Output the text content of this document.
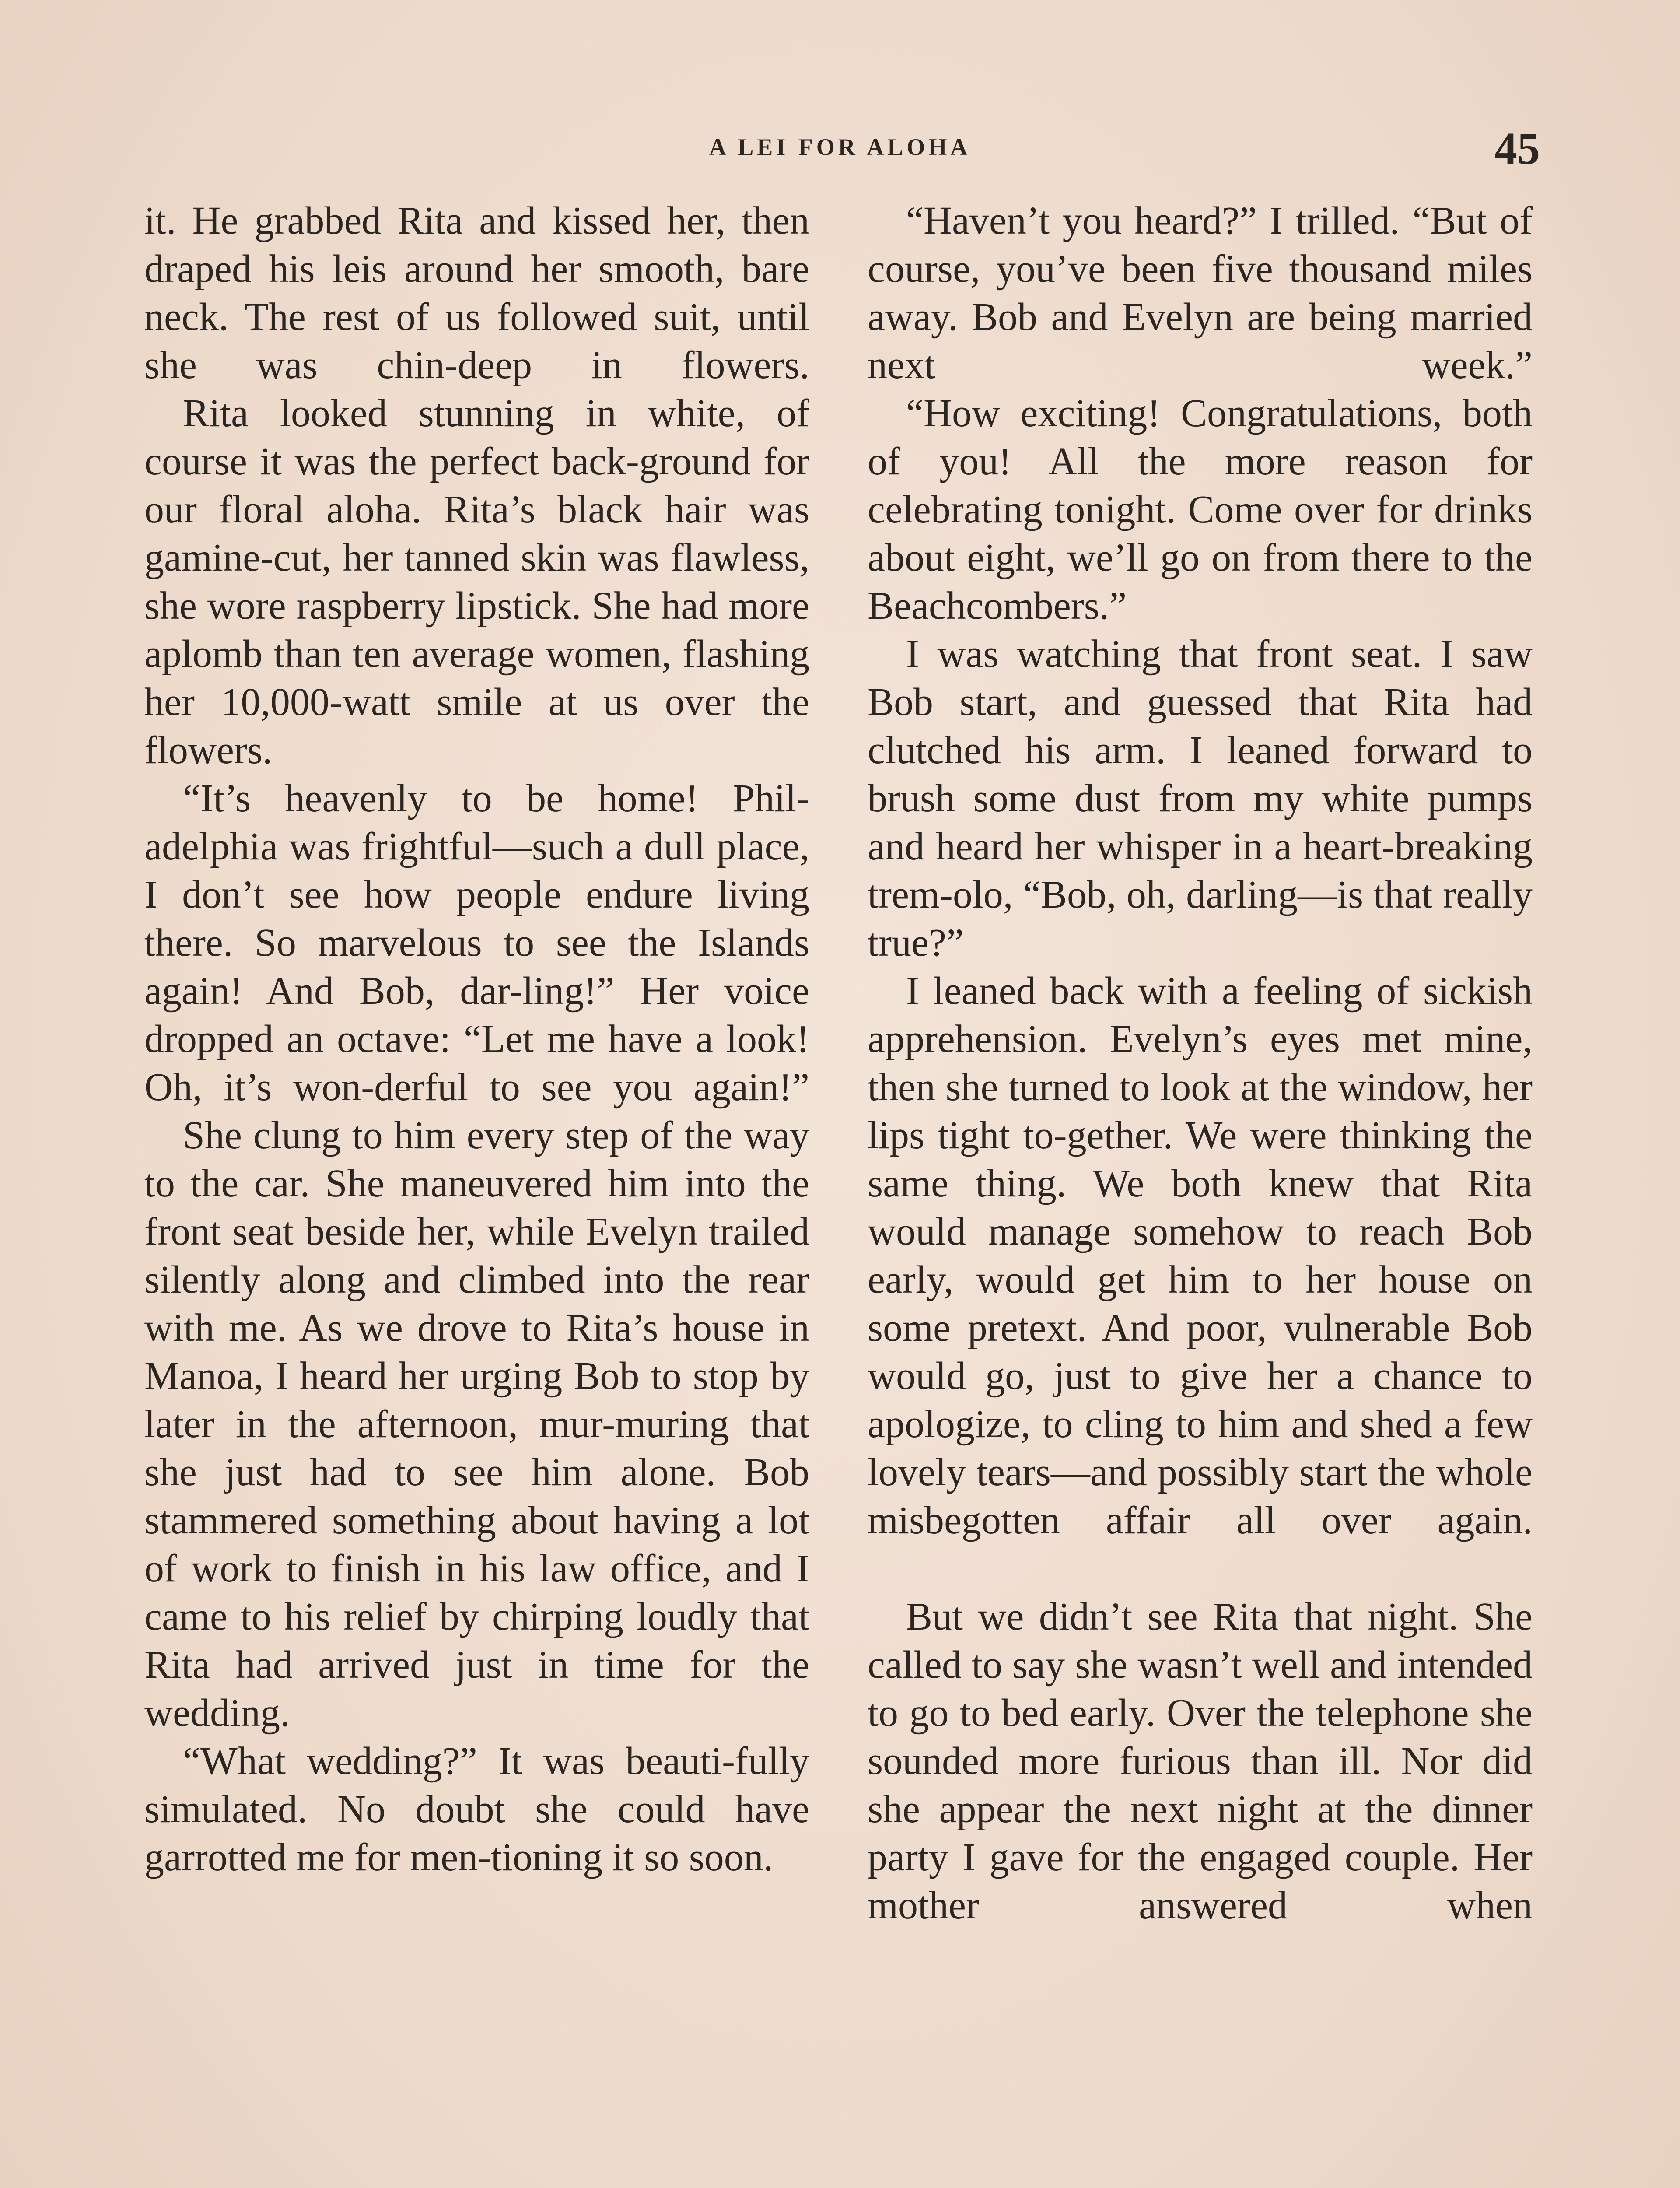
A LEI FOR ALOHA	45

it. He grabbed Rita and kissed her, then draped his leis around her smooth, bare neck. The rest of us followed suit, until she was chin-deep in flowers.

Rita looked stunning in white, of course it was the perfect back-ground for our floral aloha. Rita’s black hair was gamine-cut, her tanned skin was flawless, she wore raspberry lipstick. She had more aplomb than ten average women, flashing her 10,000-watt smile at us over the flowers.

“It’s heavenly to be home! Phil-adelphia was frightful—such a dull place, I don’t see how people endure living there. So marvelous to see the Islands again! And Bob, dar-ling!” Her voice dropped an octave: “Let me have a look! Oh, it’s won-derful to see you again!”

She clung to him every step of the way to the car. She maneuvered him into the front seat beside her, while Evelyn trailed silently along and climbed into the rear with me. As we drove to Rita’s house in Manoa, I heard her urging Bob to stop by later in the afternoon, mur-muring that she just had to see him alone. Bob stammered something about having a lot of work to finish in his law office, and I came to his relief by chirping loudly that Rita had arrived just in time for the wedding.

“What wedding?” It was beauti-fully simulated. No doubt she could have garrotted me for men-tioning it so soon.

“Haven’t you heard?” I trilled. “But of course, you’ve been five thousand miles away. Bob and Evelyn are being married next week.”

“How exciting! Congratulations, both of you! All the more reason for celebrating tonight. Come over for drinks about eight, we’ll go on from there to the Beachcombers.”

I was watching that front seat. I saw Bob start, and guessed that Rita had clutched his arm. I leaned forward to brush some dust from my white pumps and heard her whisper in a heart-breaking trem-olo, “Bob, oh, darling—is that really true?”

I leaned back with a feeling of sickish apprehension. Evelyn’s eyes met mine, then she turned to look at the window, her lips tight to-gether. We were thinking the same thing. We both knew that Rita would manage somehow to reach Bob early, would get him to her house on some pretext. And poor, vulnerable Bob would go, just to give her a chance to apologize, to cling to him and shed a few lovely tears—and possibly start the whole misbegotten affair all over again.

But we didn’t see Rita that night. She called to say she wasn’t well and intended to go to bed early. Over the telephone she sounded more furious than ill. Nor did she appear the next night at the dinner party I gave for the engaged couple. Her mother answered when
